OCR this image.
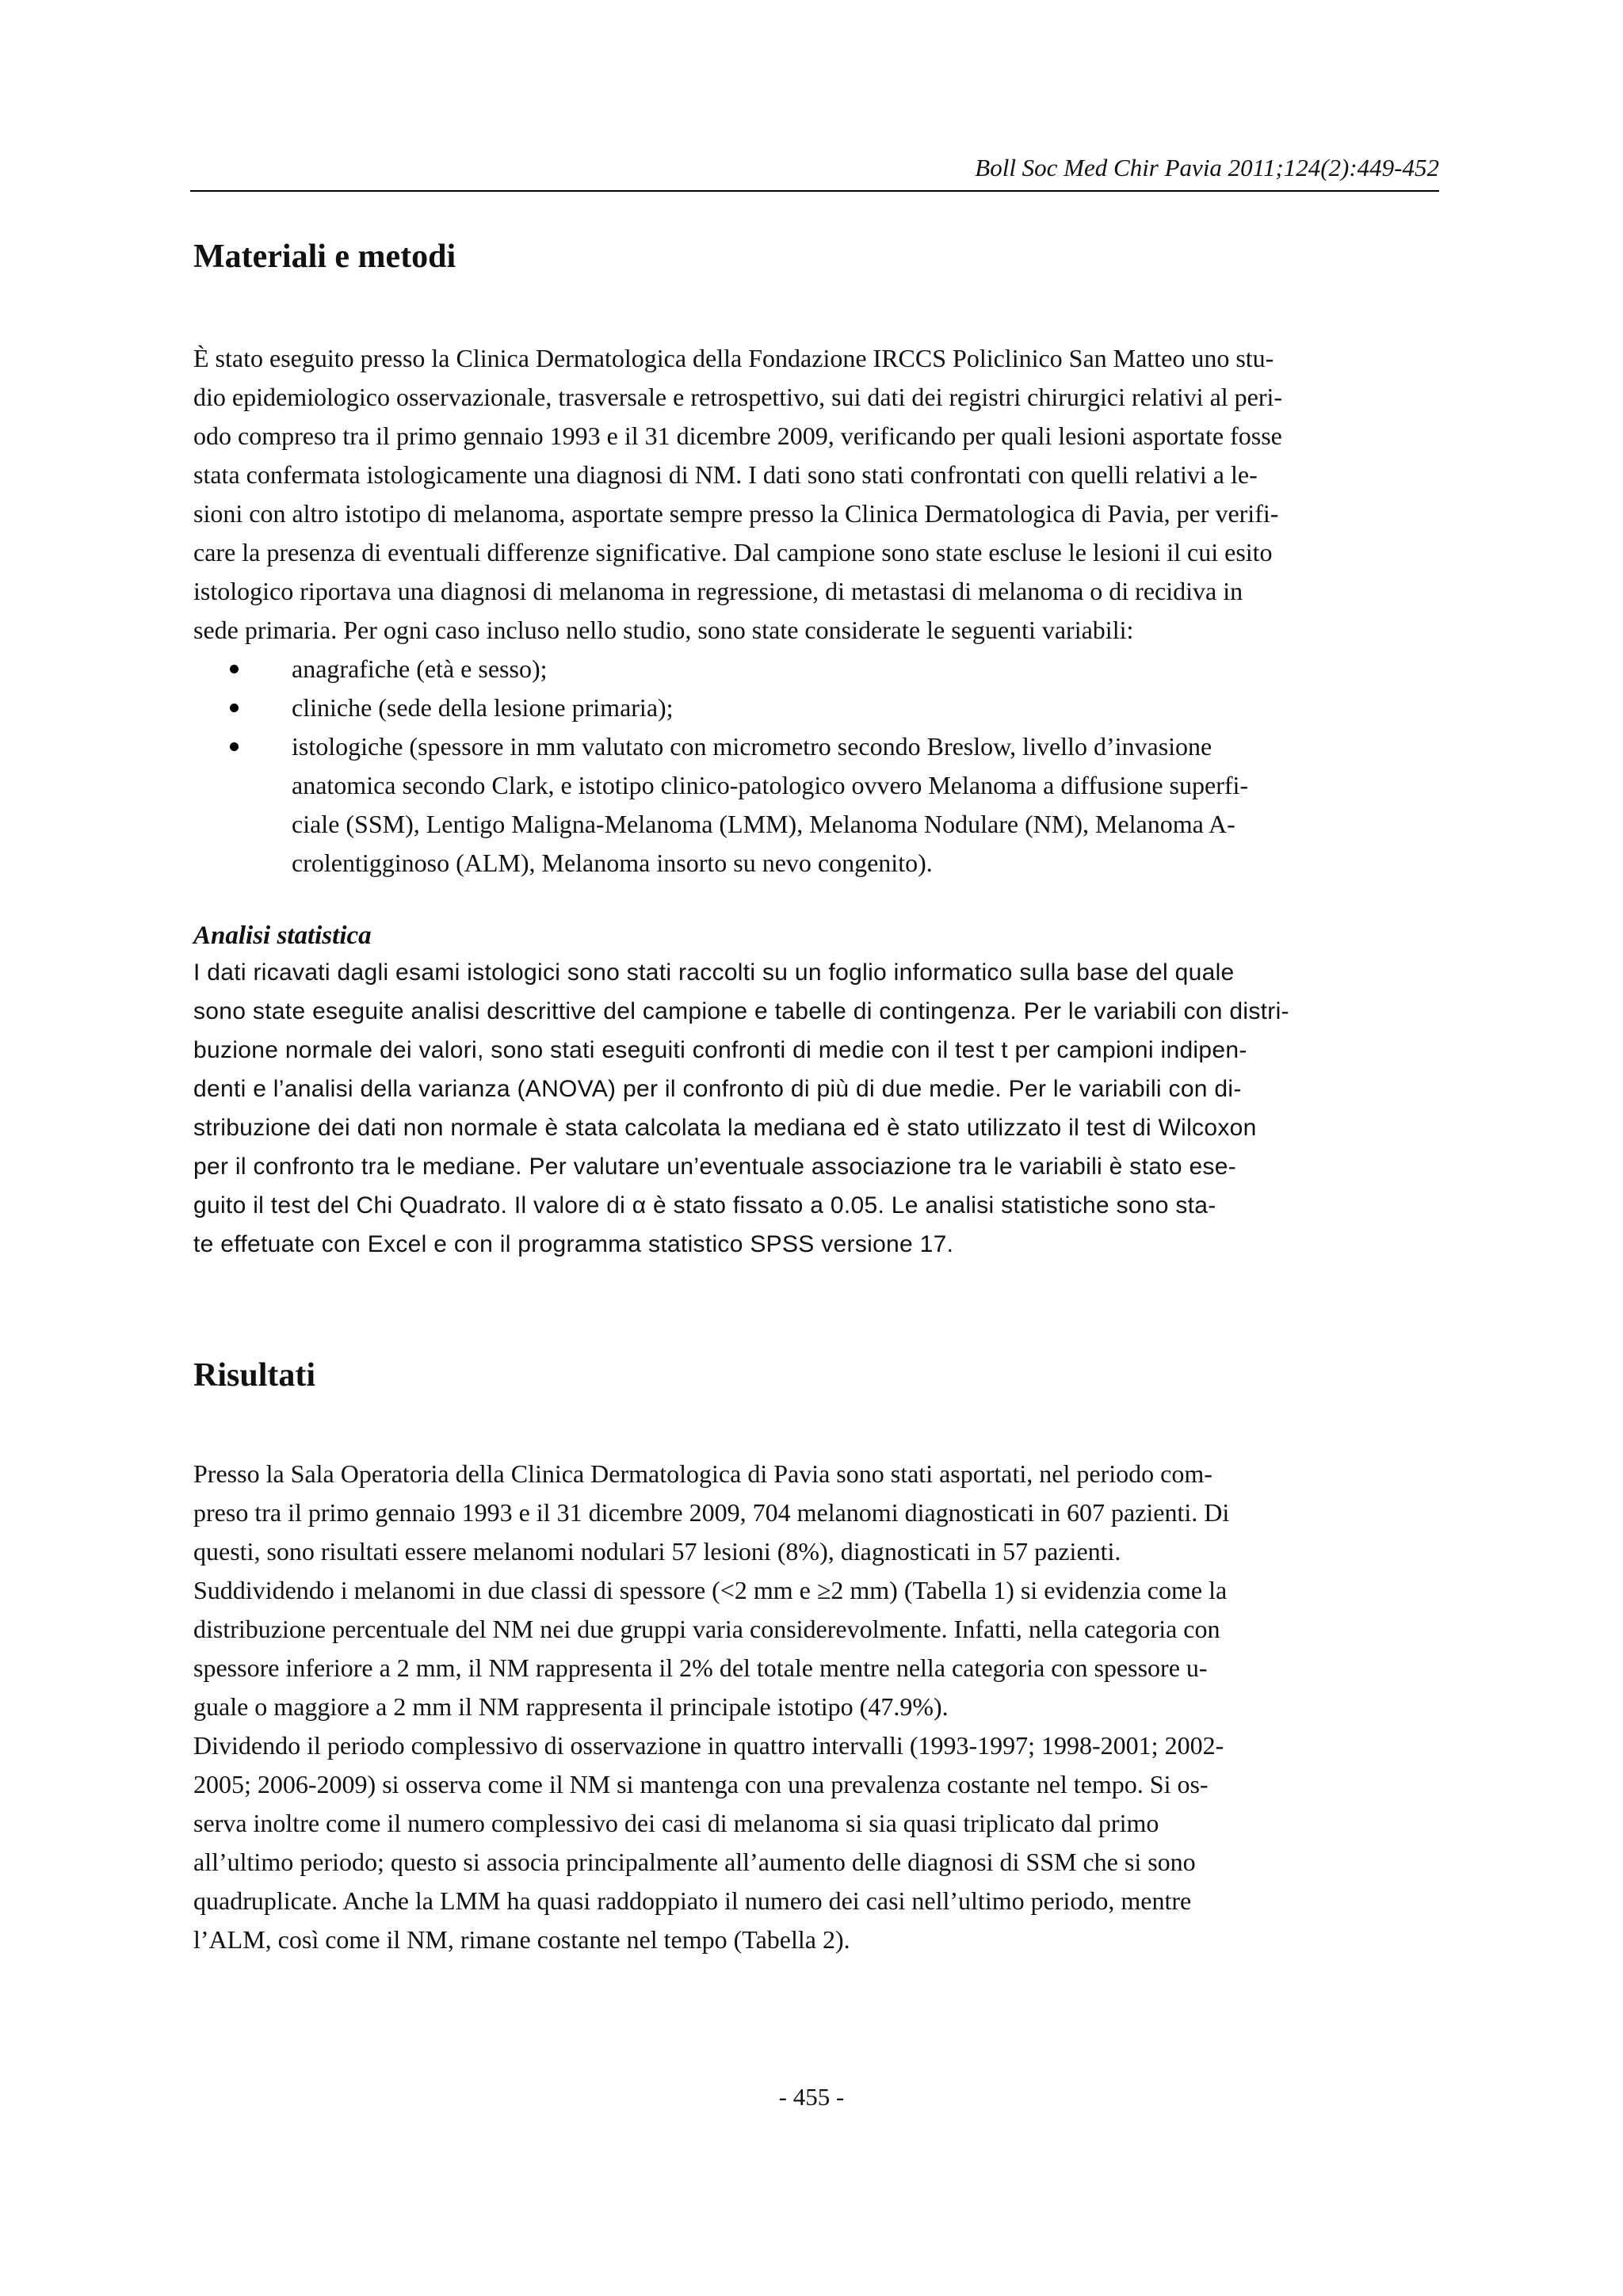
Boll Soc Med Chir Pavia 2011;124(2):449-452
Materiali e metodi
È stato eseguito presso la Clinica Dermatologica della Fondazione IRCCS Policlinico San Matteo uno stu-
dio epidemiologico osservazionale, trasversale e retrospettivo, sui dati dei registri chirurgici relativi al peri-
odo compreso tra il primo gennaio 1993 e il 31 dicembre 2009, verificando per quali lesioni asportate fosse
stata confermata istologicamente una diagnosi di NM. I dati sono stati confrontati con quelli relativi a le-
sioni con altro istotipo di melanoma, asportate sempre presso la Clinica Dermatologica di Pavia, per verifi-
care la presenza di eventuali differenze significative. Dal campione sono state escluse le lesioni il cui esito
istologico riportava una diagnosi di melanoma in regressione, di metastasi di melanoma o di recidiva in
sede primaria. Per ogni caso incluso nello studio, sono state considerate le seguenti variabili:
anagrafiche (età e sesso);
cliniche (sede della lesione primaria);
istologiche (spessore in mm valutato con micrometro secondo Breslow, livello d’invasione
anatomica secondo Clark, e istotipo clinico-patologico ovvero Melanoma a diffusione superfi-
ciale (SSM), Lentigo Maligna-Melanoma (LMM), Melanoma Nodulare (NM), Melanoma A-
crolentigginoso (ALM), Melanoma insorto su nevo congenito).
Analisi statistica
I dati ricavati dagli esami istologici sono stati raccolti su un foglio informatico sulla base del quale
sono state eseguite analisi descrittive del campione e tabelle di contingenza. Per le variabili con distri-
buzione normale dei valori, sono stati eseguiti confronti di medie con il test t per campioni indipen-
denti e l’analisi della varianza (ANOVA) per il confronto di più di due medie. Per le variabili con di-
stribuzione dei dati non normale è stata calcolata la mediana ed è stato utilizzato il test di Wilcoxon
per il confronto tra le mediane. Per valutare un’eventuale associazione tra le variabili è stato ese-
guito il test del Chi Quadrato. Il valore di α è stato fissato a 0.05. Le analisi statistiche sono sta-
te effetuate con Excel e con il programma statistico SPSS versione 17.
Risultati
Presso la Sala Operatoria della Clinica Dermatologica di Pavia sono stati asportati, nel periodo com-
preso tra il primo gennaio 1993 e il 31 dicembre 2009, 704 melanomi diagnosticati in 607 pazienti. Di
questi, sono risultati essere melanomi nodulari 57 lesioni (8%), diagnosticati in 57 pazienti.
Suddividendo i melanomi in due classi di spessore (<2 mm e ≥2 mm) (Tabella 1) si evidenzia come la
distribuzione percentuale del NM nei due gruppi varia considerevolmente. Infatti, nella categoria con
spessore inferiore a 2 mm, il NM rappresenta il 2% del totale mentre nella categoria con spessore u-
guale o maggiore a 2 mm il NM rappresenta il principale istotipo (47.9%).
Dividendo il periodo complessivo di osservazione in quattro intervalli (1993-1997; 1998-2001; 2002-
2005; 2006-2009) si osserva come il NM si mantenga con una prevalenza costante nel tempo. Si os-
serva inoltre come il numero complessivo dei casi di melanoma si sia quasi triplicato dal primo
all’ultimo periodo; questo si associa principalmente all’aumento delle diagnosi di SSM che si sono
quadruplicate. Anche la LMM ha quasi raddoppiato il numero dei casi nell’ultimo periodo, mentre
l’ALM, così come il NM, rimane costante nel tempo (Tabella 2).
- 455 -
